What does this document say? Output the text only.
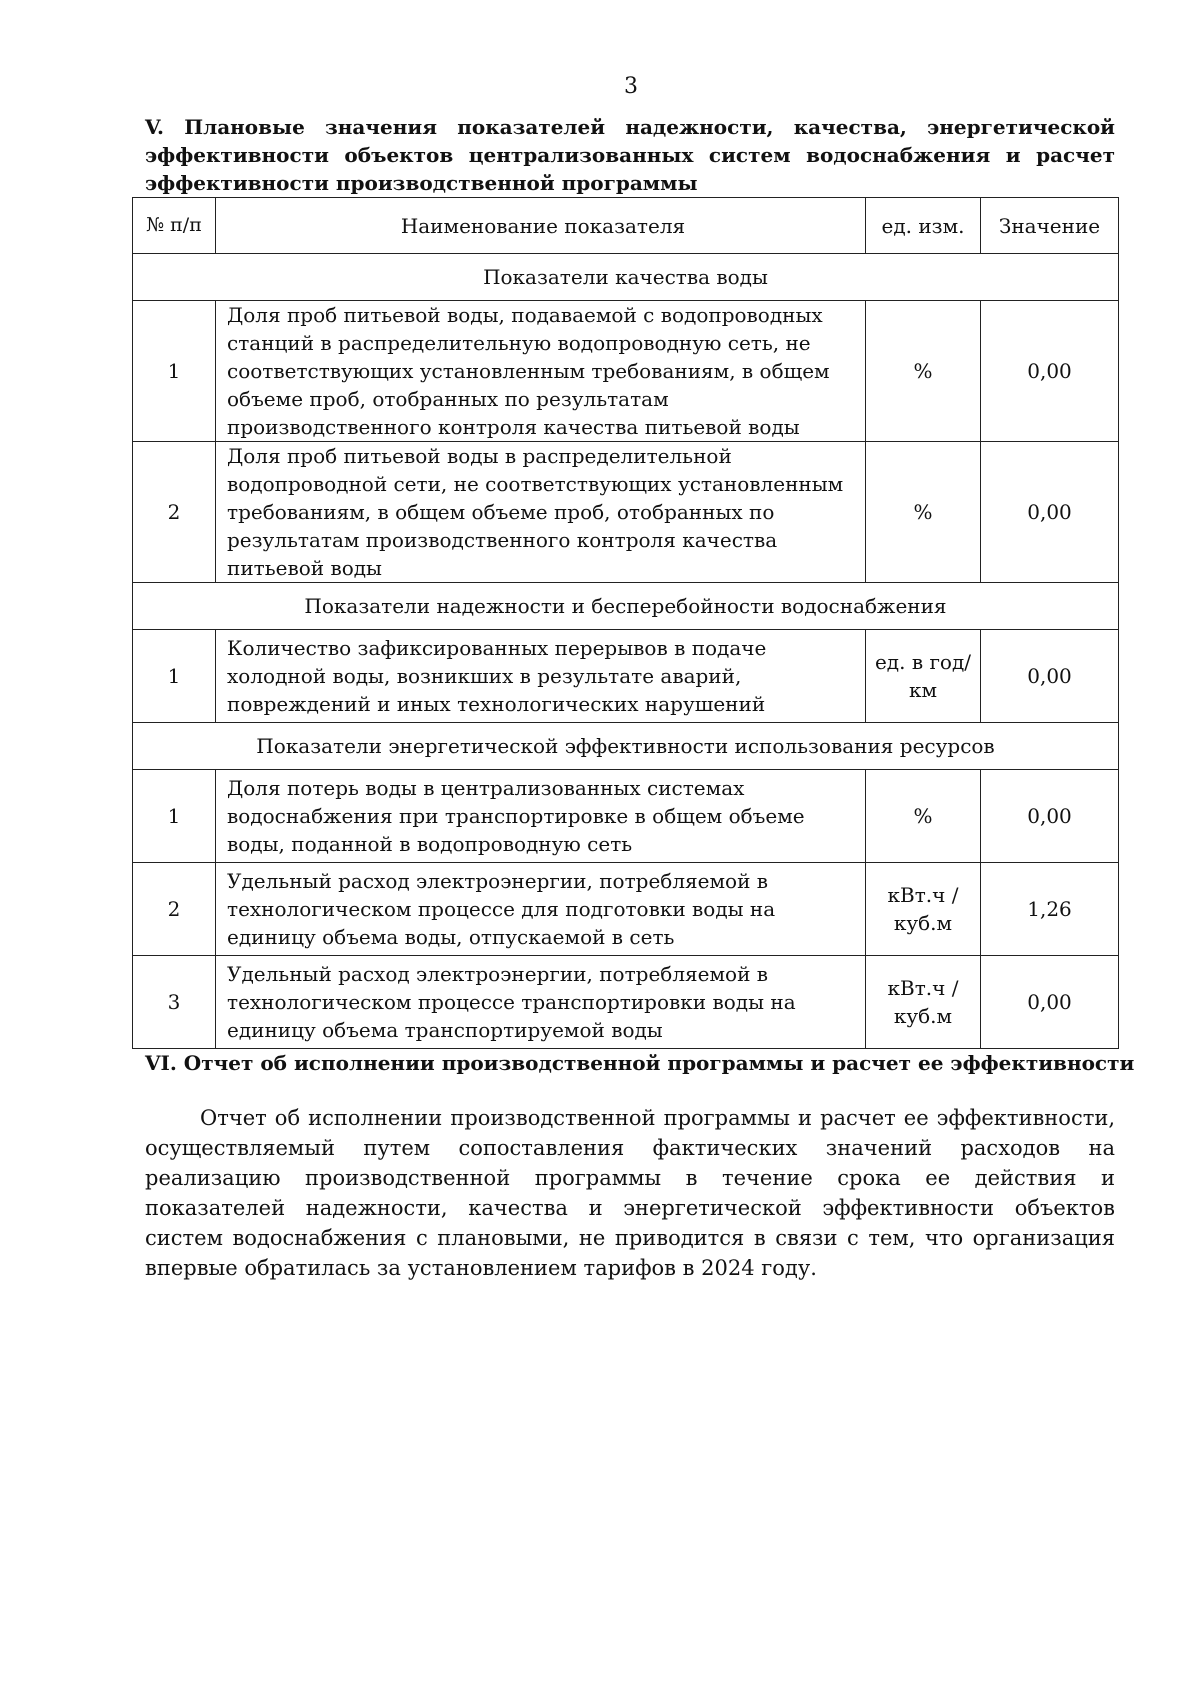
3

V. Плановые значения показателей надежности, качества, энергетической эффективности объектов централизованных систем водоснабжения и расчет эффективности производственной программы

№ п/п	Наименование показателя	ед. изм.	Значение
Показатели качества воды			
1	Доля проб питьевой воды, подаваемой с водопроводных станций в распределительную водопроводную сеть, не соответствующих установленным требованиям, в общем объеме проб, отобранных по результатам производственного контроля качества питьевой воды	%	0,00
2	Доля проб питьевой воды в распределительной водопроводной сети, не соответствующих установленным требованиям, в общем объеме проб, отобранных по результатам производственного контроля качества питьевой воды	%	0,00
Показатели надежности и бесперебойности водоснабжения			
1	Количество зафиксированных перерывов в подаче холодной воды, возникших в результате аварий, повреждений и иных технологических нарушений	ед. в год/ км	0,00
Показатели энергетической эффективности использования ресурсов			
1	Доля потерь воды в централизованных системах водоснабжения при транспортировке в общем объеме воды, поданной в водопроводную сеть	%	0,00
2	Удельный расход электроэнергии, потребляемой в технологическом процессе для подготовки воды на единицу объема воды, отпускаемой в сеть	кВт.ч / куб.м	1,26
3	Удельный расход электроэнергии, потребляемой в технологическом процессе транспортировки воды на единицу объема транспортируемой воды	кВт.ч / куб.м	0,00

VI. Отчет об исполнении производственной программы и расчет ее эффективности

Отчет об исполнении производственной программы и расчет ее эффективности, осуществляемый путем сопоставления фактических значений расходов на реализацию производственной программы в течение срока ее действия и показателей надежности, качества и энергетической эффективности объектов систем водоснабжения с плановыми, не приводится в связи с тем, что организация впервые обратилась за установлением тарифов в 2024 году.
